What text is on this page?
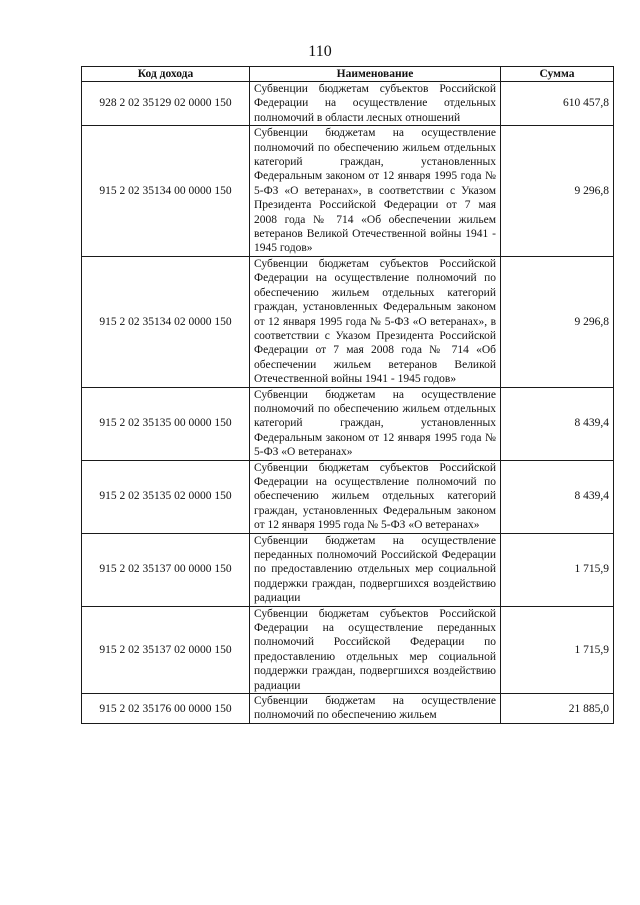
110
Код дохода	Наименование	Сумма
928 2 02 35129 02 0000 150	Субвенции бюджетам субъектов Российской Федерации на осуществление отдельных полномочий в области лесных отношений	610 457,8
915 2 02 35134 00 0000 150	Субвенции бюджетам на осуществление полномочий по обеспечению жильем отдельных категорий граждан, установленных Федеральным законом от 12 января 1995 года № 5-ФЗ «О ветеранах», в соответствии с Указом Президента Российской Федерации от 7 мая 2008 года № 714 «Об обеспечении жильем ветеранов Великой Отечественной войны 1941 - 1945 годов»	9 296,8
915 2 02 35134 02 0000 150	Субвенции бюджетам субъектов Российской Федерации на осуществление полномочий по обеспечению жильем отдельных категорий граждан, установленных Федеральным законом от 12 января 1995 года № 5-ФЗ «О ветеранах», в соответствии с Указом Президента Российской Федерации от 7 мая 2008 года № 714 «Об обеспечении жильем ветеранов Великой Отечественной войны 1941 - 1945 годов»	9 296,8
915 2 02 35135 00 0000 150	Субвенции бюджетам на осуществление полномочий по обеспечению жильем отдельных категорий граждан, установленных Федеральным законом от 12 января 1995 года № 5-ФЗ «О ветеранах»	8 439,4
915 2 02 35135 02 0000 150	Субвенции бюджетам субъектов Российской Федерации на осуществление полномочий по обеспечению жильем отдельных категорий граждан, установленных Федеральным законом от 12 января 1995 года № 5-ФЗ «О ветеранах»	8 439,4
915 2 02 35137 00 0000 150	Субвенции бюджетам на осуществление переданных полномочий Российской Федерации по предоставлению отдельных мер социальной поддержки граждан, подвергшихся воздействию радиации	1 715,9
915 2 02 35137 02 0000 150	Субвенции бюджетам субъектов Российской Федерации на осуществление переданных полномочий Российской Федерации по предоставлению отдельных мер социальной поддержки граждан, подвергшихся воздействию радиации	1 715,9
915 2 02 35176 00 0000 150	Субвенции бюджетам на осуществление полномочий по обеспечению жильем	21 885,0
